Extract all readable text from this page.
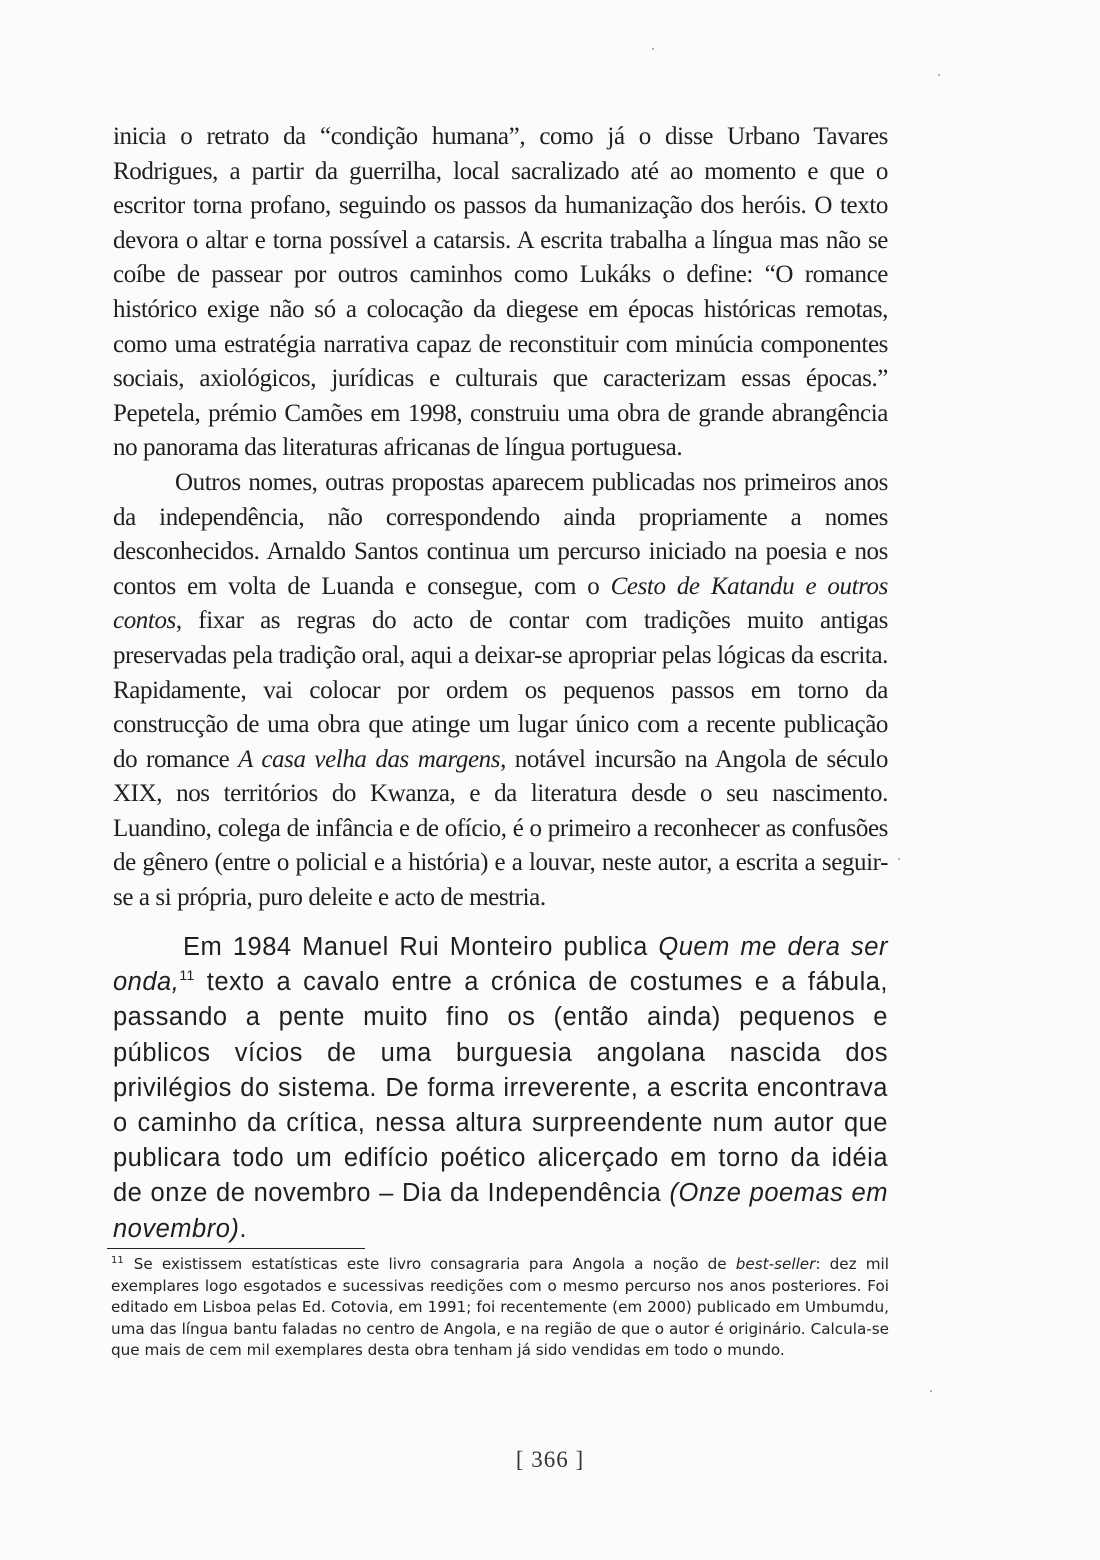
inicia o retrato da “condição humana”, como já o disse Urbano Tavares Rodrigues, a partir da guerrilha, local sacralizado até ao momento e que o escritor torna profano, seguindo os passos da humanização dos heróis. O texto devora o altar e torna possível a catarsis. A escrita trabalha a língua mas não se coíbe de passear por outros caminhos como Lukáks o define: “O romance histórico exige não só a colocação da diegese em épocas históricas remotas, como uma estratégia narrativa capaz de reconstituir com minúcia componentes sociais, axiológicos, jurídicas e culturais que caracterizam essas épocas.” Pepetela, prémio Camões em 1998, construiu uma obra de grande abrangência no panorama das literaturas africanas de língua portuguesa.

Outros nomes, outras propostas aparecem publicadas nos primeiros anos da independência, não correspondendo ainda propriamente a nomes desconhecidos. Arnaldo Santos continua um percurso iniciado na poesia e nos contos em volta de Luanda e consegue, com o Cesto de Katandu e outros contos, fixar as regras do acto de contar com tradições muito antigas preservadas pela tradição oral, aqui a deixar-se apropriar pelas lógicas da escrita. Rapidamente, vai colocar por ordem os pequenos passos em torno da construcção de uma obra que atinge um lugar único com a recente publicação do romance A casa velha das margens, notável incursão na Angola de século XIX, nos territórios do Kwanza, e da literatura desde o seu nascimento. Luandino, colega de infância e de ofício, é o primeiro a reconhecer as confusões de gênero (entre o policial e a história) e a louvar, neste autor, a escrita a seguir-se a si própria, puro deleite e acto de mestria.

Em 1984 Manuel Rui Monteiro publica Quem me dera ser onda,$^{11}$ texto a cavalo entre a crónica de costumes e a fábula, passando a pente muito fino os (então ainda) pequenos e públicos vícios de uma burguesia angolana nascida dos privilégios do sistema. De forma irreverente, a escrita encontrava o caminho da crítica, nessa altura surpreendente num autor que publicara todo um edifício poético alicerçado em torno da idéia de onze de novembro – Dia da Independência (Onze poemas em novembro).

$^{11}$ Se existissem estatísticas este livro consagraria para Angola a noção de best-seller: dez mil exemplares logo esgotados e sucessivas reedições com o mesmo percurso nos anos posteriores. Foi editado em Lisboa pelas Ed. Cotovia, em 1991; foi recentemente (em 2000) publicado em Umbumdu, uma das língua bantu faladas no centro de Angola, e na região de que o autor é originário. Calcula-se que mais de cem mil exemplares desta obra tenham já sido vendidas em todo o mundo.
[ 366 ]
